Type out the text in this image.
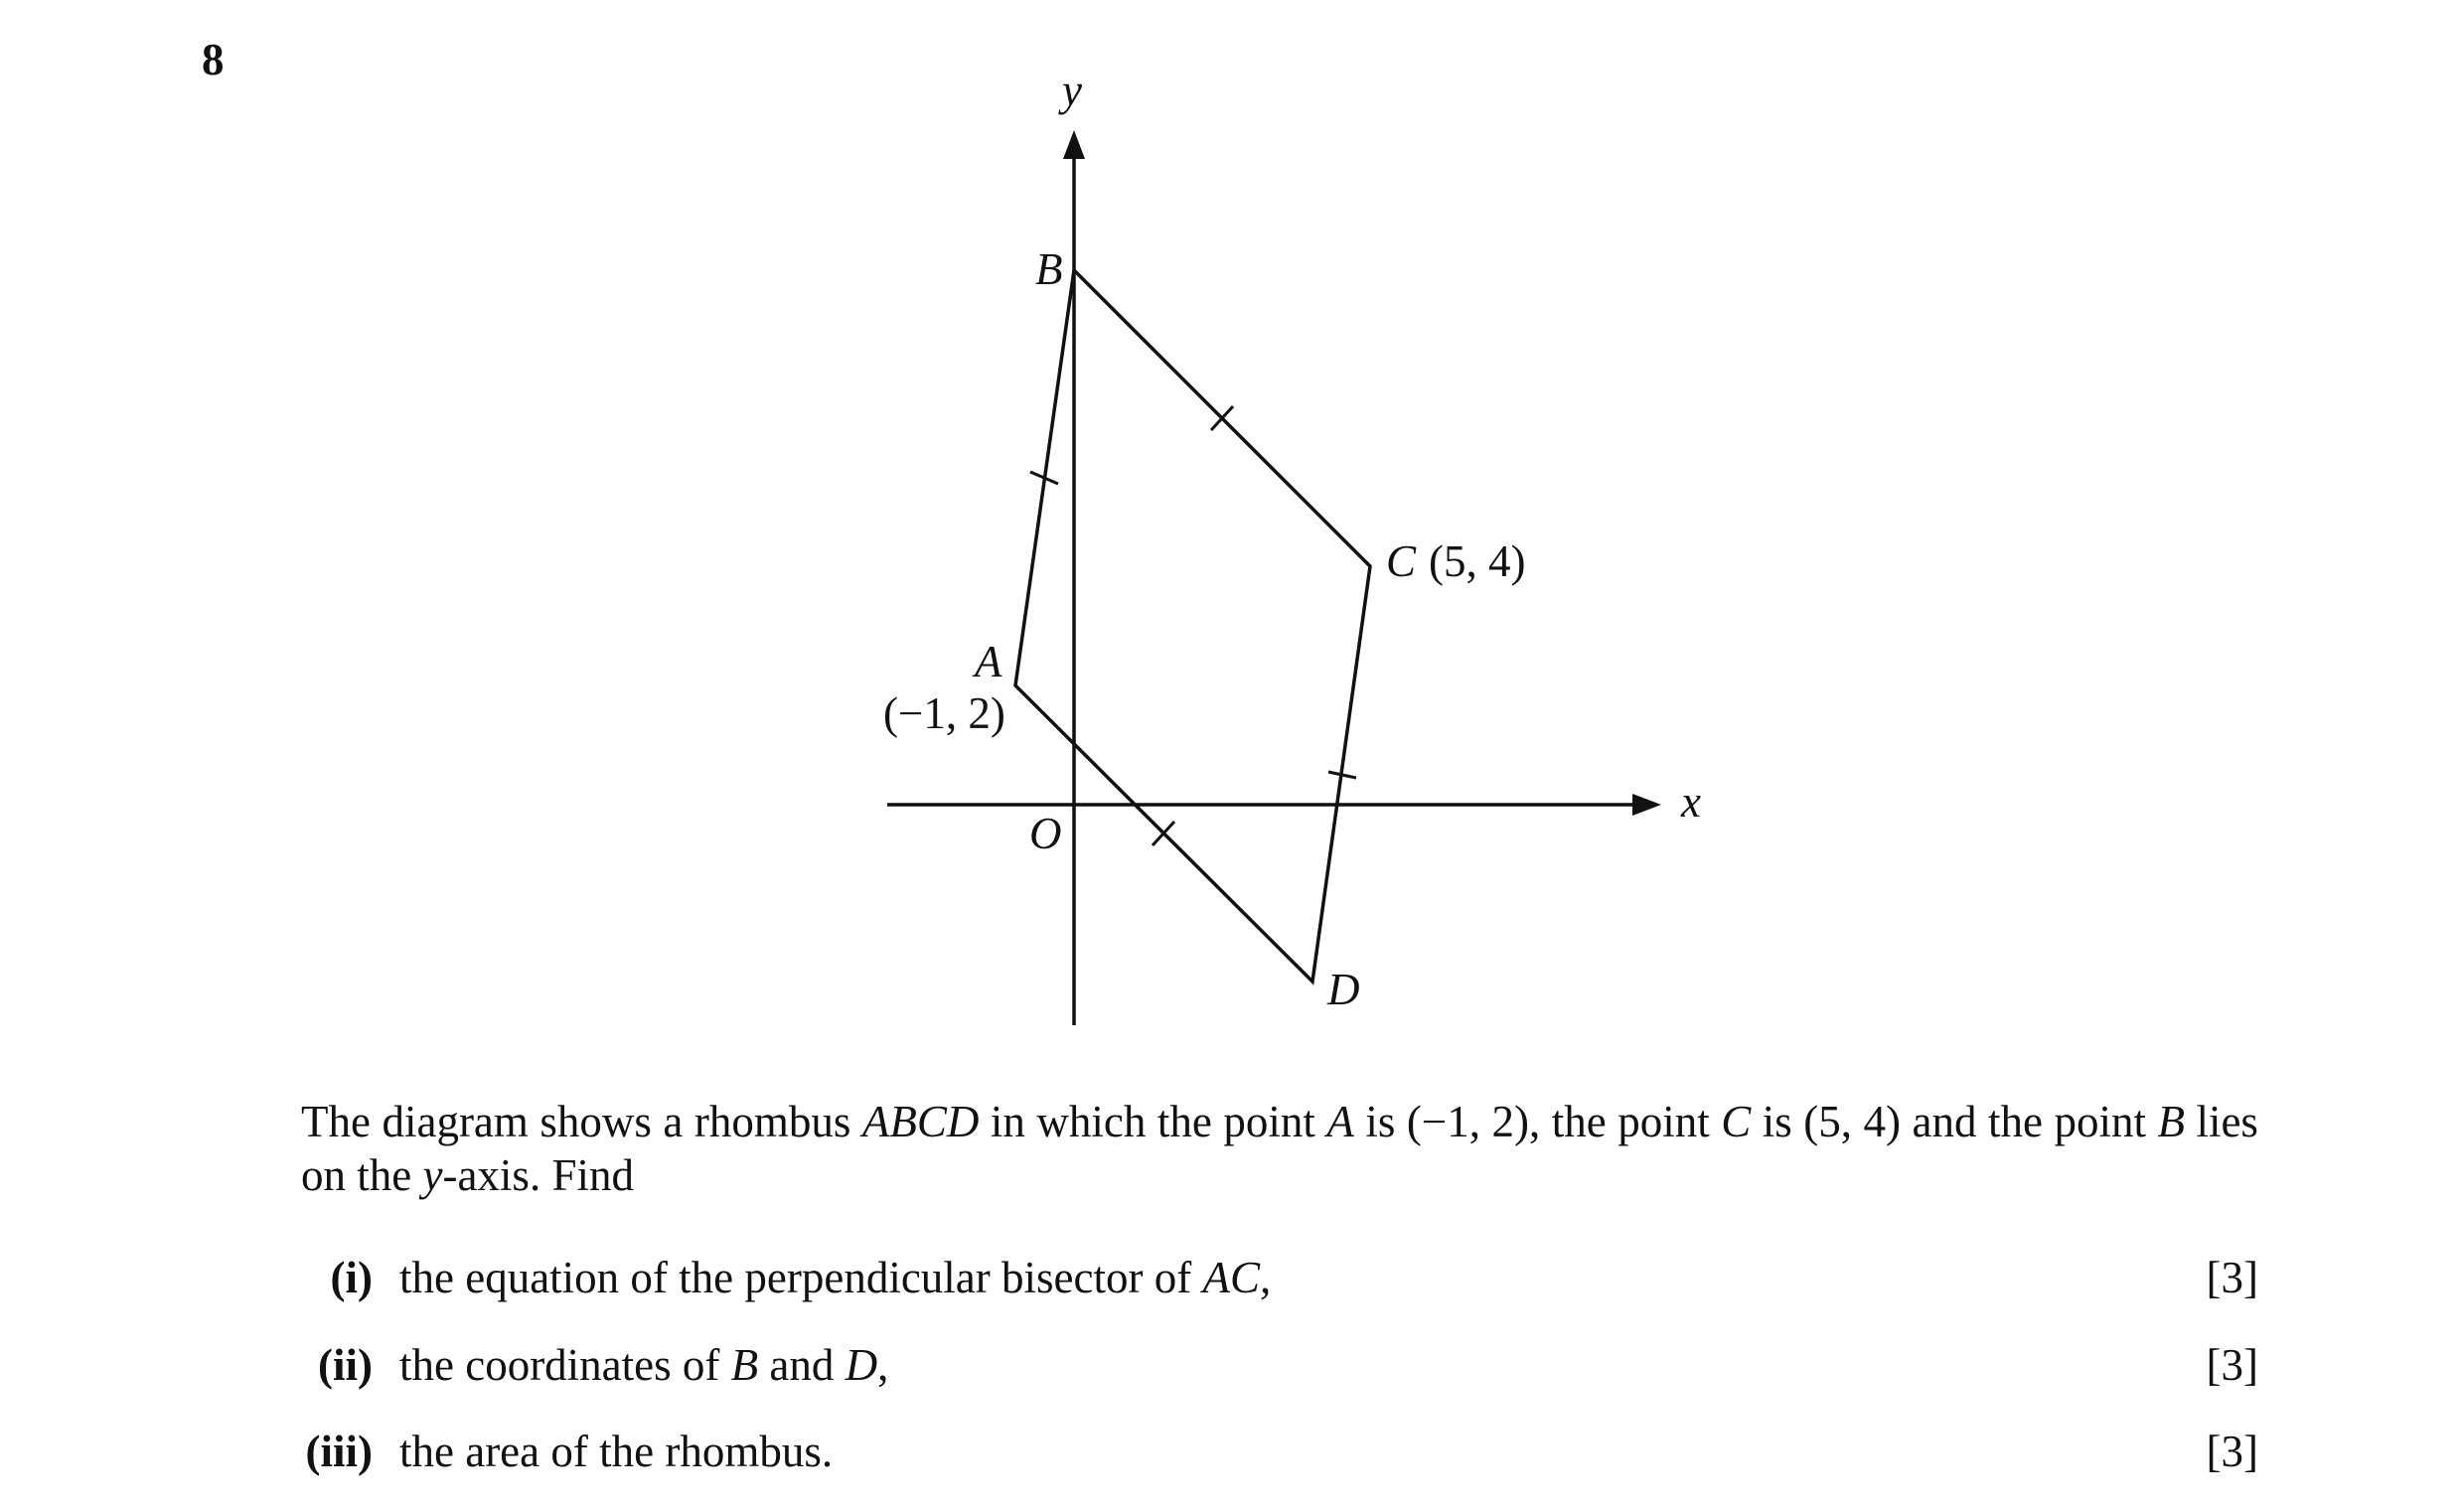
8
y
x
O
A
(−1, 2)
B
C (5, 4)
D

The diagram shows a rhombus ABCD in which the point A is (−1, 2), the point C is (5, 4) and the point B lies on the y-axis. Find

(i) the equation of the perpendicular bisector of AC,	[3]
(ii) the coordinates of B and D,	[3]
(iii) the area of the rhombus.	[3]
